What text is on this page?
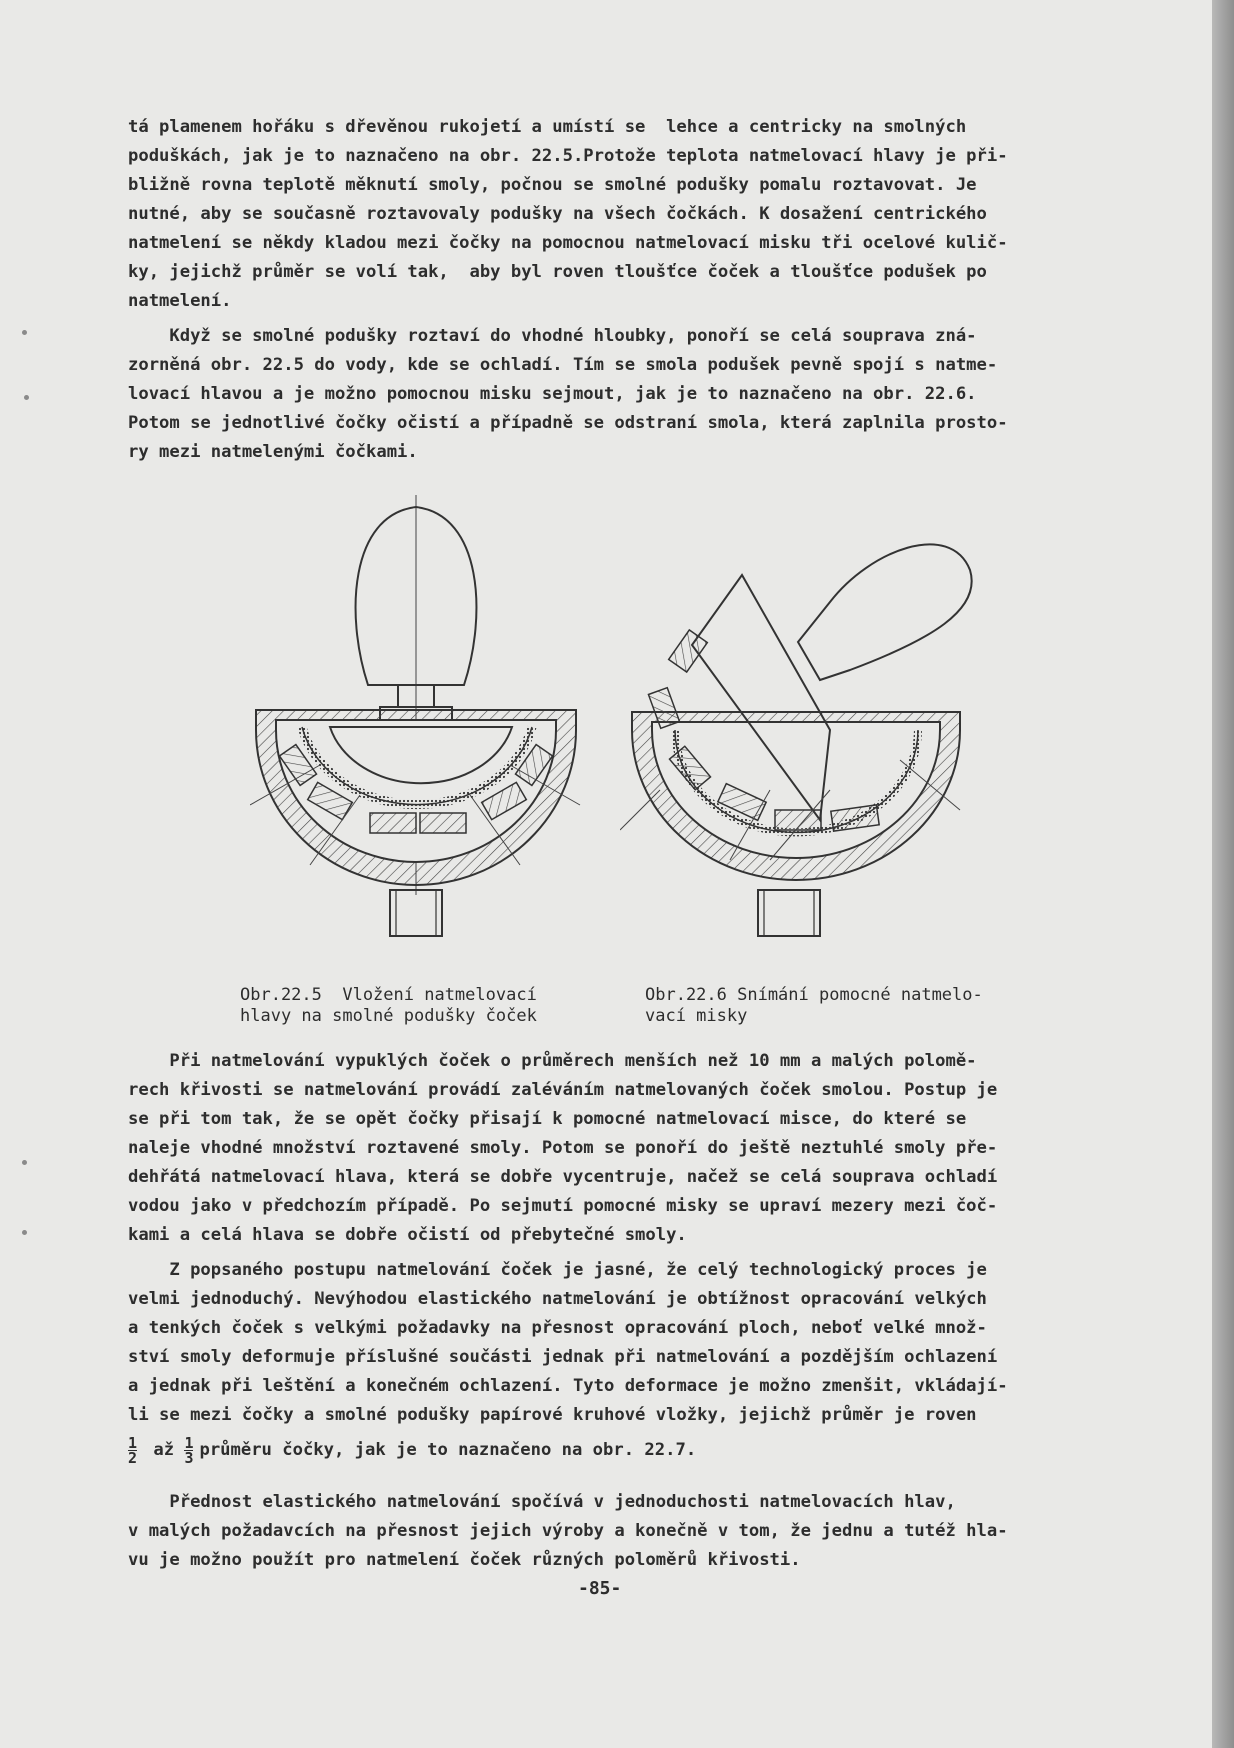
tá plamenem hořáku s dřevěnou rukojetí a umístí se  lehce a centricky na smolných
poduškách, jak je to naznačeno na obr. 22.5.Protože teplota natmelovací hlavy je při-
bližně rovna teplotě měknutí smoly, počnou se smolné podušky pomalu roztavovat. Je
nutné, aby se současně roztavovaly podušky na všech čočkách. K dosažení centrického
natmelení se někdy kladou mezi čočky na pomocnou natmelovací misku tři ocelové kulič-
ky, jejichž průměr se volí tak,  aby byl roven tloušťce čoček a tloušťce podušek po
natmelení.
Když se smolné podušky roztaví do vhodné hloubky, ponoří se celá souprava zná-
zorněná obr. 22.5 do vody, kde se ochladí. Tím se smola podušek pevně spojí s natme-
lovací hlavou a je možno pomocnou misku sejmout, jak je to naznačeno na obr. 22.6.
Potom se jednotlivé čočky očistí a případně se odstraní smola, která zaplnila prosto-
ry mezi natmelenými čočkami.
Obr.22.5  Vložení natmelovací
hlavy na smolné podušky čoček
Obr.22.6 Snímání pomocné natmelo-
vací misky
Při natmelování vypuklých čoček o průměrech menších než 10 mm a malých polomě-
rech křivosti se natmelování provádí zaléváním natmelovaných čoček smolou. Postup je
se při tom tak, že se opět čočky přisají k pomocné natmelovací misce, do které se
naleje vhodné množství roztavené smoly. Potom se ponoří do ještě neztuhlé smoly pře-
dehřátá natmelovací hlava, která se dobře vycentruje, načež se celá souprava ochladí
vodou jako v předchozím případě. Po sejmutí pomocné misky se upraví mezery mezi čoč-
kami a celá hlava se dobře očistí od přebytečné smoly.
Z popsaného postupu natmelování čoček je jasné, že celý technologický proces je
velmi jednoduchý. Nevýhodou elastického natmelování je obtížnost opracování velkých
a tenkých čoček s velkými požadavky na přesnost opracování ploch, neboť velké množ-
ství smoly deformuje příslušné součásti jednak při natmelování a pozdějším ochlazení
a jednak při leštění a konečném ochlazení. Tyto deformace je možno zmenšit, vkládají-
li se mezi čočky a smolné podušky papírové kruhové vložky, jejichž průměr je roven
$\frac{1}{2}$ až $\frac{1}{3}$ průměru čočky, jak je to naznačeno na obr. 22.7.
Přednost elastického natmelování spočívá v jednoduchosti natmelovacích hlav,
v malých požadavcích na přesnost jejich výroby a konečně v tom, že jednu a tutéž hla-
vu je možno použít pro natmelení čoček různých poloměrů křivosti.
-85-
